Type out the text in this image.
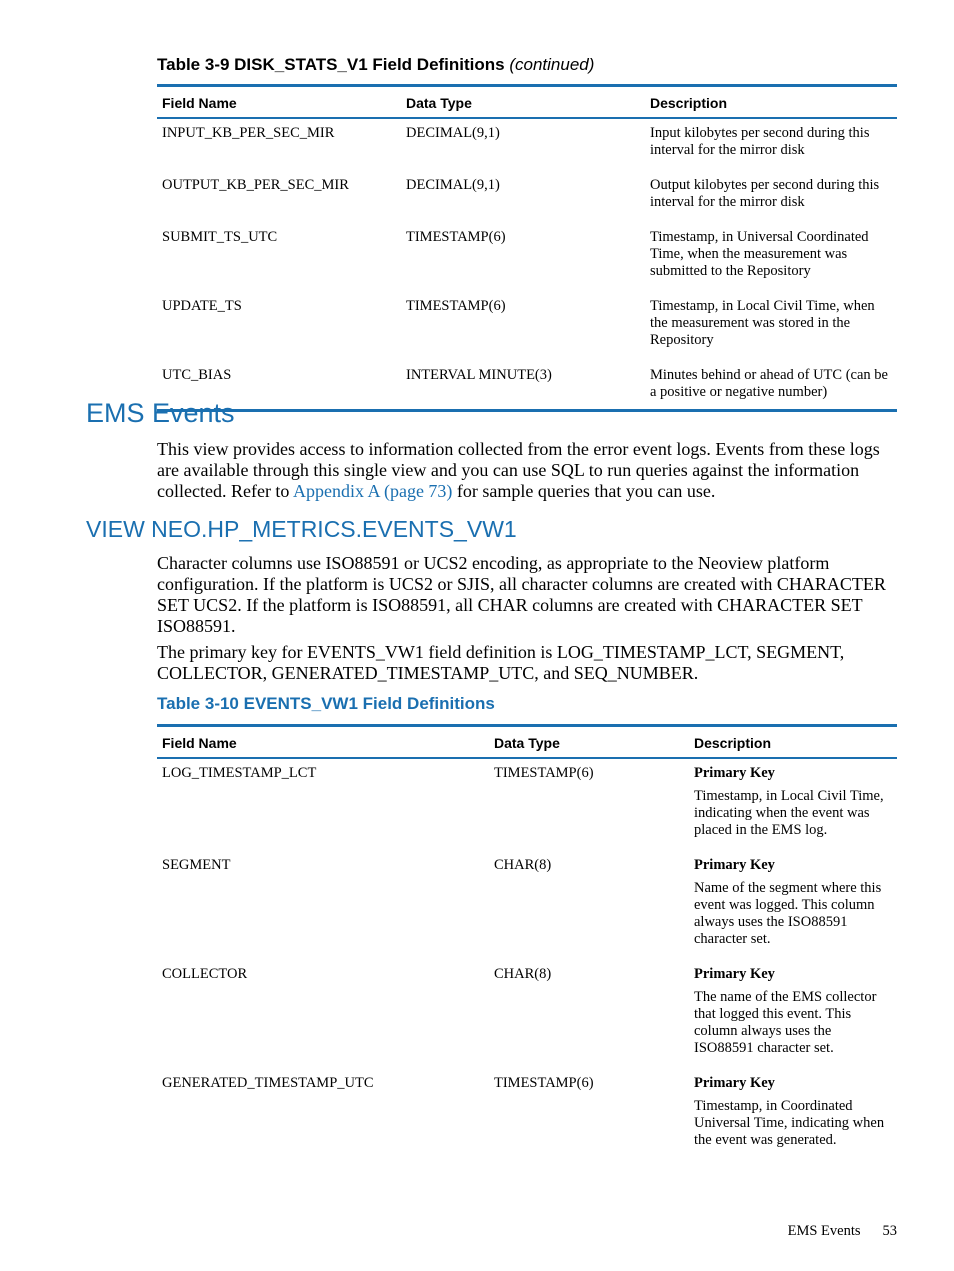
Table 3-9 DISK_STATS_V1 Field Definitions (continued)
Field Name	Data Type	Description
INPUT_KB_PER_SEC_MIR	DECIMAL(9,1)	Input kilobytes per second during this interval for the mirror disk
OUTPUT_KB_PER_SEC_MIR	DECIMAL(9,1)	Output kilobytes per second during this interval for the mirror disk
SUBMIT_TS_UTC	TIMESTAMP(6)	Timestamp, in Universal Coordinated Time, when the measurement was submitted to the Repository
UPDATE_TS	TIMESTAMP(6)	Timestamp, in Local Civil Time, when the measurement was stored in the Repository
UTC_BIAS	INTERVAL MINUTE(3)	Minutes behind or ahead of UTC (can be a positive or negative number)
EMS Events

This view provides access to information collected from the error event logs. Events from these logs are available through this single view and you can use SQL to run queries against the information collected. Refer to Appendix A (page 73) for sample queries that you can use.

VIEW NEO.HP_METRICS.EVENTS_VW1

Character columns use ISO88591 or UCS2 encoding, as appropriate to the Neoview platform configuration. If the platform is UCS2 or SJIS, all character columns are created with CHARACTER SET UCS2. If the platform is ISO88591, all CHAR columns are created with CHARACTER SET ISO88591.

The primary key for EVENTS_VW1 field definition is LOG_TIMESTAMP_LCT, SEGMENT, COLLECTOR, GENERATED_TIMESTAMP_UTC, and SEQ_NUMBER.

Table 3-10 EVENTS_VW1 Field Definitions
Field Name	Data Type	Description
LOG_TIMESTAMP_LCT	TIMESTAMP(6)	Primary Key
Timestamp, in Local Civil Time, indicating when the event was placed in the EMS log.
SEGMENT	CHAR(8)	Primary Key
Name of the segment where this event was logged. This column always uses the ISO88591 character set.
COLLECTOR	CHAR(8)	Primary Key
The name of the EMS collector that logged this event. This column always uses the ISO88591 character set.
GENERATED_TIMESTAMP_UTC	TIMESTAMP(6)	Primary Key
Timestamp, in Coordinated Universal Time, indicating when the event was generated.
EMS Events 53
